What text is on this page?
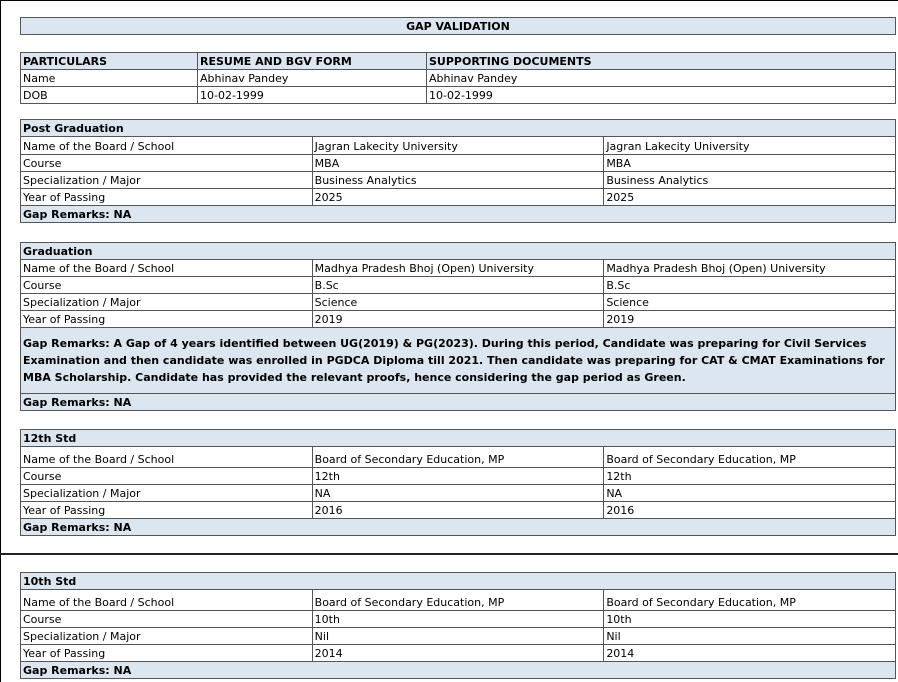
GAP VALIDATION
PARTICULARS	RESUME AND BGV FORM	SUPPORTING DOCUMENTS
Name	Abhinav Pandey	Abhinav Pandey
DOB	10-02-1999	10-02-1999
Post Graduation		
Name of the Board / School	Jagran Lakecity University	Jagran Lakecity University
Course	MBA	MBA
Specialization / Major	Business Analytics	Business Analytics
Year of Passing	2025	2025
Gap Remarks: NA		
Graduation		
Name of the Board / School	Madhya Pradesh Bhoj (Open) University	Madhya Pradesh Bhoj (Open) University
Course	B.Sc	B.Sc
Specialization / Major	Science	Science
Year of Passing	2019	2019
Gap Remarks: A Gap of 4 years identified between UG(2019) & PG(2023). During this period, Candidate was preparing for Civil Services Examination and then candidate was enrolled in PGDCA Diploma till 2021. Then candidate was preparing for CAT & CMAT Examinations for MBA Scholarship. Candidate has provided the relevant proofs, hence considering the gap period as Green.		
Gap Remarks: NA		
12th Std		
Name of the Board / School	Board of Secondary Education, MP	Board of Secondary Education, MP
Course	12th	12th
Specialization / Major	NA	NA
Year of Passing	2016	2016
Gap Remarks: NA		
10th Std		
Name of the Board / School	Board of Secondary Education, MP	Board of Secondary Education, MP
Course	10th	10th
Specialization / Major	Nil	Nil
Year of Passing	2014	2014
Gap Remarks: NA		
